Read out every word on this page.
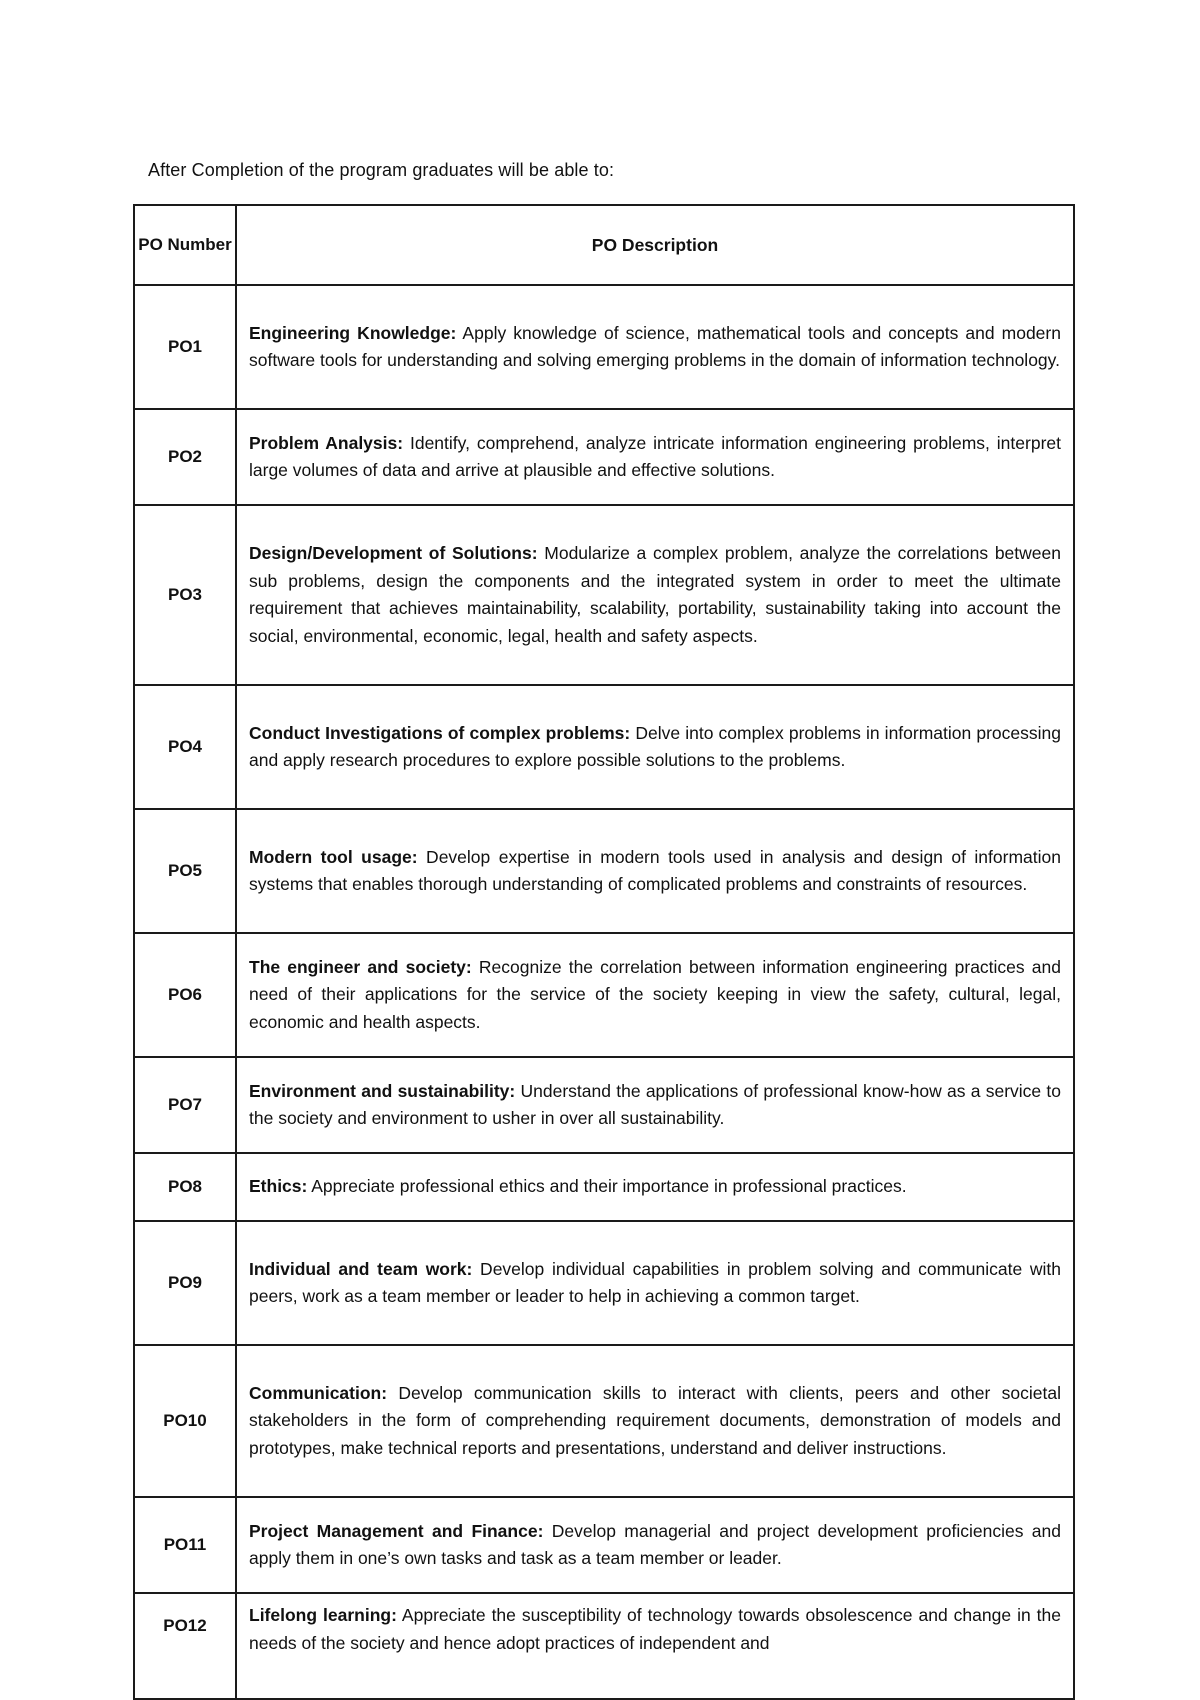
After Completion of the program graduates will be able to:
PO Number	PO Description
PO1	Engineering Knowledge: Apply knowledge of science, mathematical tools and concepts and modern software tools for understanding and solving emerging problems in the domain of information technology.
PO2	Problem Analysis: Identify, comprehend, analyze intricate information engineering problems, interpret large volumes of data and arrive at plausible and effective solutions.
PO3	Design/Development of Solutions: Modularize a complex problem, analyze the correlations between sub problems, design the components and the integrated system in order to meet the ultimate requirement that achieves maintainability, scalability, portability, sustainability taking into account the social, environmental, economic, legal, health and safety aspects.
PO4	Conduct Investigations of complex problems: Delve into complex problems in information processing and apply research procedures to explore possible solutions to the problems.
PO5	Modern tool usage: Develop expertise in modern tools used in analysis and design of information systems that enables thorough understanding of complicated problems and constraints of resources.
PO6	The engineer and society: Recognize the correlation between information engineering practices and need of their applications for the service of the society keeping in view the safety, cultural, legal, economic and health aspects.
PO7	Environment and sustainability: Understand the applications of professional know-how as a service to the society and environment to usher in over all sustainability.
PO8	Ethics: Appreciate professional ethics and their importance in professional practices.
PO9	Individual and team work: Develop individual capabilities in problem solving and communicate with peers, work as a team member or leader to help in achieving a common target.
PO10	Communication: Develop communication skills to interact with clients, peers and other societal stakeholders in the form of comprehending requirement documents, demonstration of models and prototypes, make technical reports and presentations, understand and deliver instructions.
PO11	Project Management and Finance: Develop managerial and project development proficiencies and apply them in one’s own tasks and task as a team member or leader.
PO12	Lifelong learning: Appreciate the susceptibility of technology towards obsolescence and change in the needs of the society and hence adopt practices of independent and
